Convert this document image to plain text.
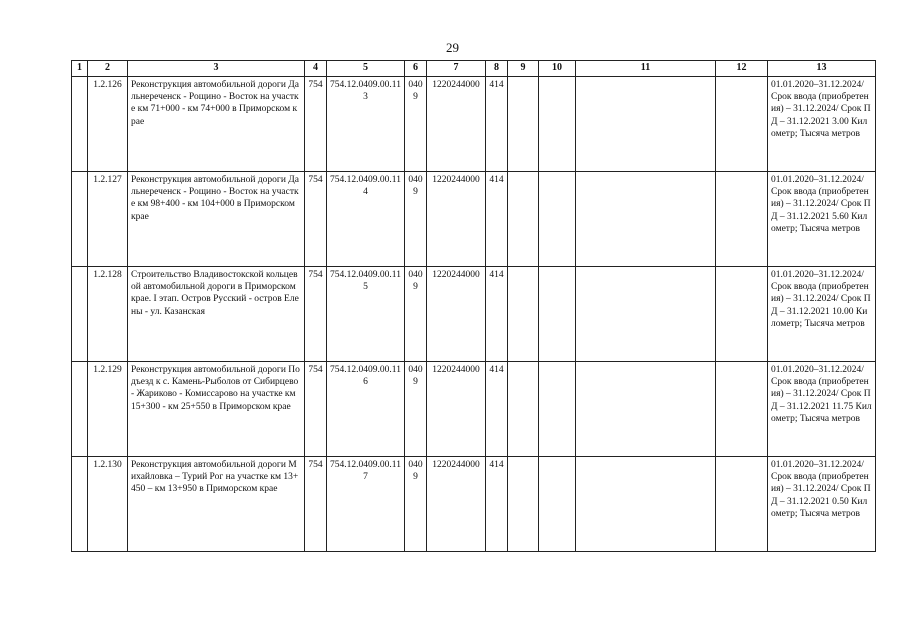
29
1	2	3	4	5	6	7	8	9	10	11	12	13
	1.2.126	Реконструкция автомобильной дороги Дальнереченск - Рощино - Восток на участке км 71+000 - км 74+000 в Приморском крае	754	754.12.0409.00.113	0409	1220244000	414					01.01.2020–31.12.2024/ Срок ввода (приобретения) – 31.12.2024/ Срок ПД – 31.12.2021 3.00 Километр; Тысяча метров
	1.2.127	Реконструкция автомобильной дороги Дальнереченск - Рощино - Восток на участке км 98+400 - км 104+000 в Приморском крае	754	754.12.0409.00.114	0409	1220244000	414					01.01.2020–31.12.2024/ Срок ввода (приобретения) – 31.12.2024/ Срок ПД – 31.12.2021 5.60 Километр; Тысяча метров
	1.2.128	Строительство Владивостокской кольцевой автомобильной дороги в Приморском крае. I этап. Остров Русский - остров Елены - ул. Казанская	754	754.12.0409.00.115	0409	1220244000	414					01.01.2020–31.12.2024/ Срок ввода (приобретения) – 31.12.2024/ Срок ПД – 31.12.2021 10.00 Километр; Тысяча метров
	1.2.129	Реконструкция автомобильной дороги Подъезд к с. Камень-Рыболов от Сибирцево - Жариково - Комиссарово на участке км 15+300 - км 25+550 в Приморском крае	754	754.12.0409.00.116	0409	1220244000	414					01.01.2020–31.12.2024/ Срок ввода (приобретения) – 31.12.2024/ Срок ПД – 31.12.2021 11.75 Километр; Тысяча метров
	1.2.130	Реконструкция автомобильной дороги Михайловка – Турий Рог на участке км 13+450 – км 13+950 в Приморском крае	754	754.12.0409.00.117	0409	1220244000	414					01.01.2020–31.12.2024/ Срок ввода (приобретения) – 31.12.2024/ Срок ПД – 31.12.2021 0.50 Километр; Тысяча метров
